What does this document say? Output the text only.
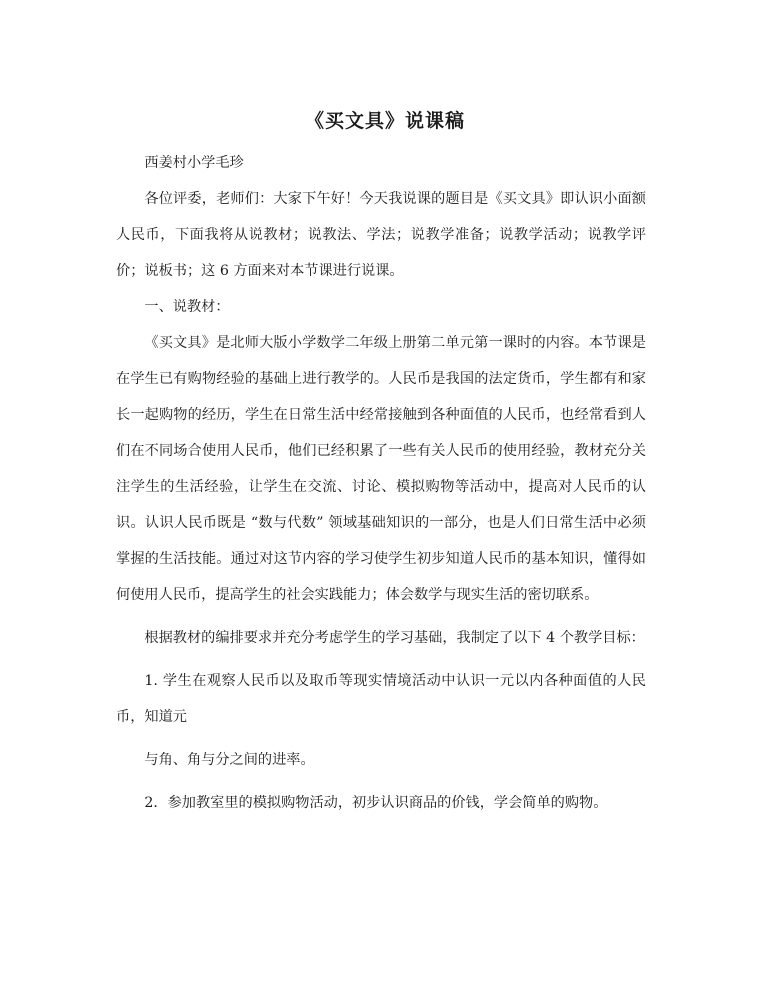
《买文具》说课稿

西姜村小学毛珍

各位评委，老师们：大家下午好！今天我说课的题目是《买文具》即认识小面额人民币，下面我将从说教材；说教法、学法；说教学准备；说教学活动；说教学评价；说板书；这 6 方面来对本节课进行说课。

一、说教材：

《买文具》是北师大版小学数学二年级上册第二单元第一课时的内容。本节课是在学生已有购物经验的基础上进行教学的。人民币是我国的法定货币，学生都有和家长一起购物的经历，学生在日常生活中经常接触到各种面值的人民币，也经常看到人们在不同场合使用人民币，他们已经积累了一些有关人民币的使用经验，教材充分关注学生的生活经验，让学生在交流、讨论、模拟购物等活动中，提高对人民币的认识。认识人民币既是 “数与代数” 领域基础知识的一部分，也是人们日常生活中必须掌握的生活技能。通过对这节内容的学习使学生初步知道人民币的基本知识，懂得如何使用人民币，提高学生的社会实践能力；体会数学与现实生活的密切联系。

根据教材的编排要求并充分考虑学生的学习基础，我制定了以下 4 个教学目标：

1. 学生在观察人民币以及取币等现实情境活动中认识一元以内各种面值的人民币，知道元

与角、角与分之间的进率。

2．参加教室里的模拟购物活动，初步认识商品的价钱，学会简单的购物。
